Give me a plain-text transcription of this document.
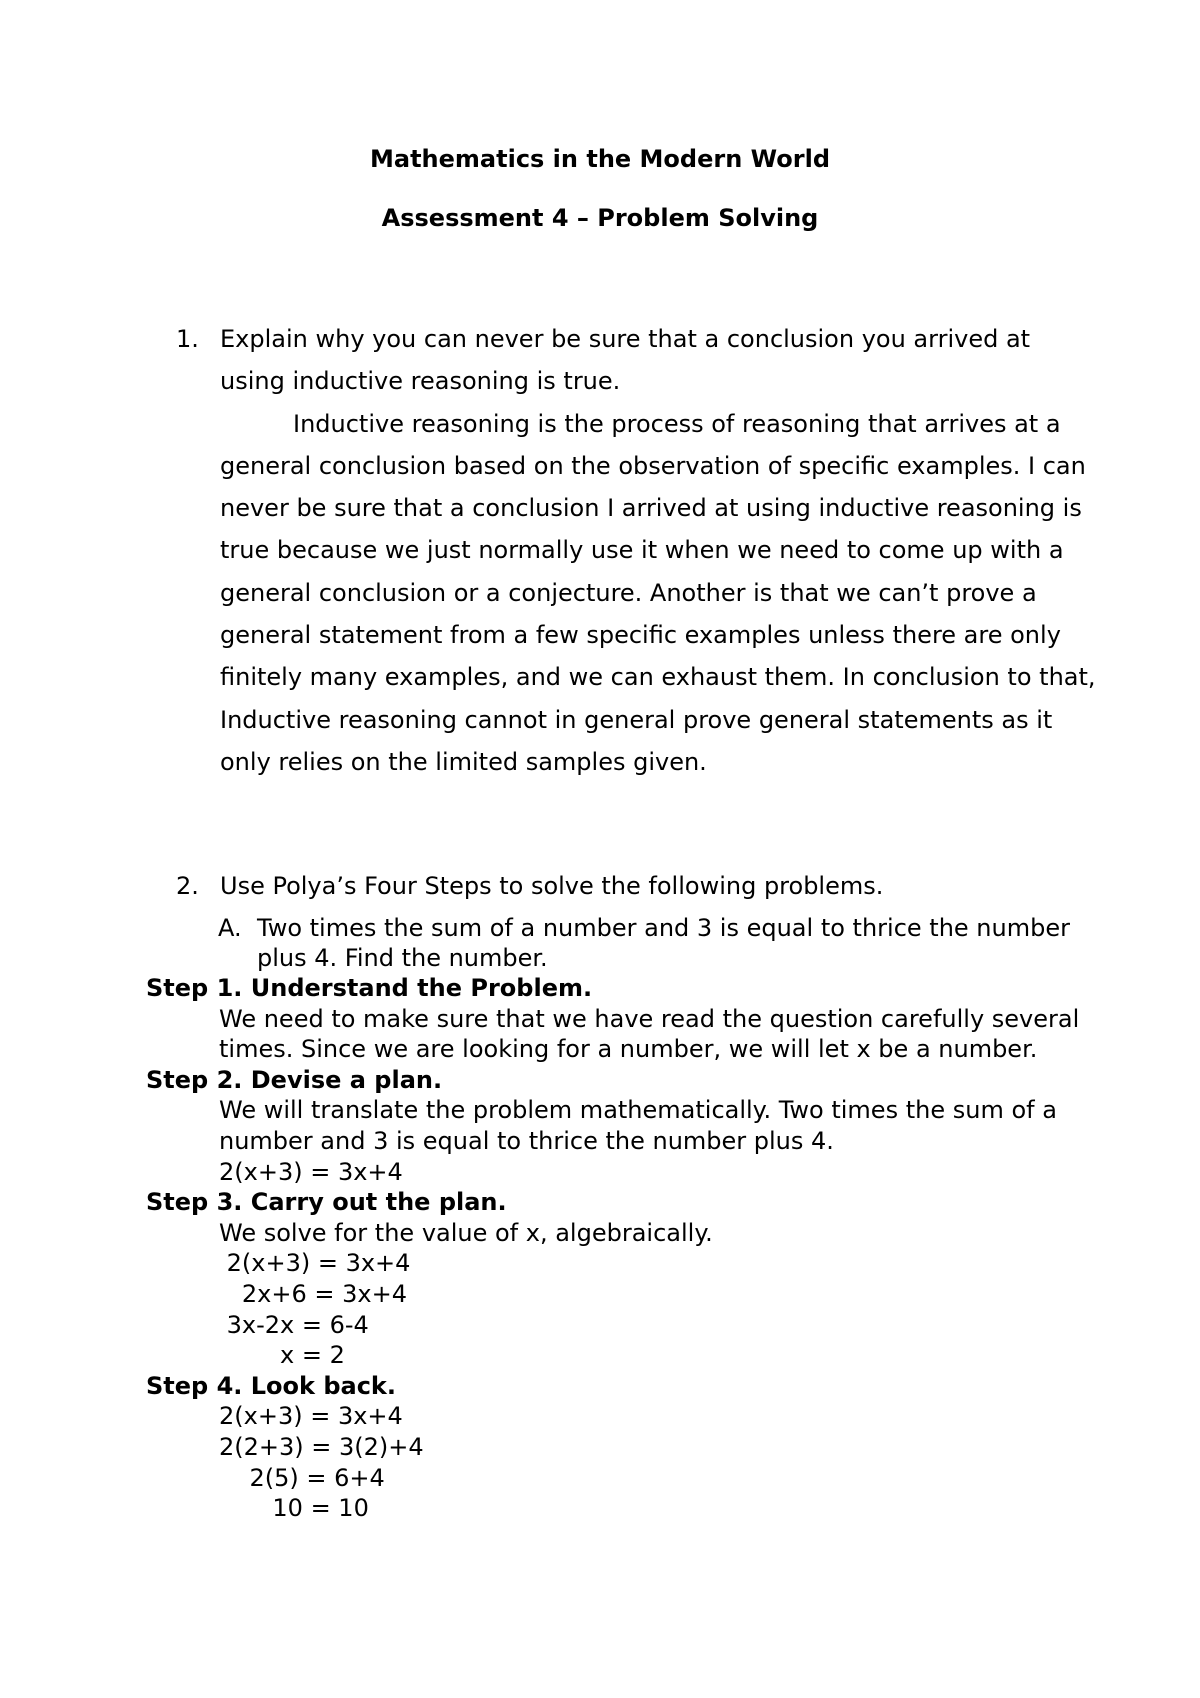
Mathematics in the Modern World
Assessment 4 – Problem Solving
1. Explain why you can never be sure that a conclusion you arrived at
using inductive reasoning is true.
Inductive reasoning is the process of reasoning that arrives at a general conclusion based on the observation of specific examples. I can never be sure that a conclusion I arrived at using inductive reasoning is true because we just normally use it when we need to come up with a general conclusion or a conjecture. Another is that we can’t prove a general statement from a few specific examples unless there are only finitely many examples, and we can exhaust them. In conclusion to that, Inductive reasoning cannot in general prove general statements as it only relies on the limited samples given.
2. Use Polya’s Four Steps to solve the following problems.
A. Two times the sum of a number and 3 is equal to thrice the number plus 4. Find the number.

Step 1. Understand the Problem.

We need to make sure that we have read the question carefully several times. Since we are looking for a number, we will let x be a number.

Step 2. Devise a plan.

We will translate the problem mathematically. Two times the sum of a number and 3 is equal to thrice the number plus 4.

2(x+3) = 3x+4

Step 3. Carry out the plan.

We solve for the value of x, algebraically.

2(x+3) = 3x+4

2x+6 = 3x+4

3x-2x = 6-4

x = 2

Step 4. Look back.

2(x+3) = 3x+4

2(2+3) = 3(2)+4

2(5) = 6+4

10 = 10
